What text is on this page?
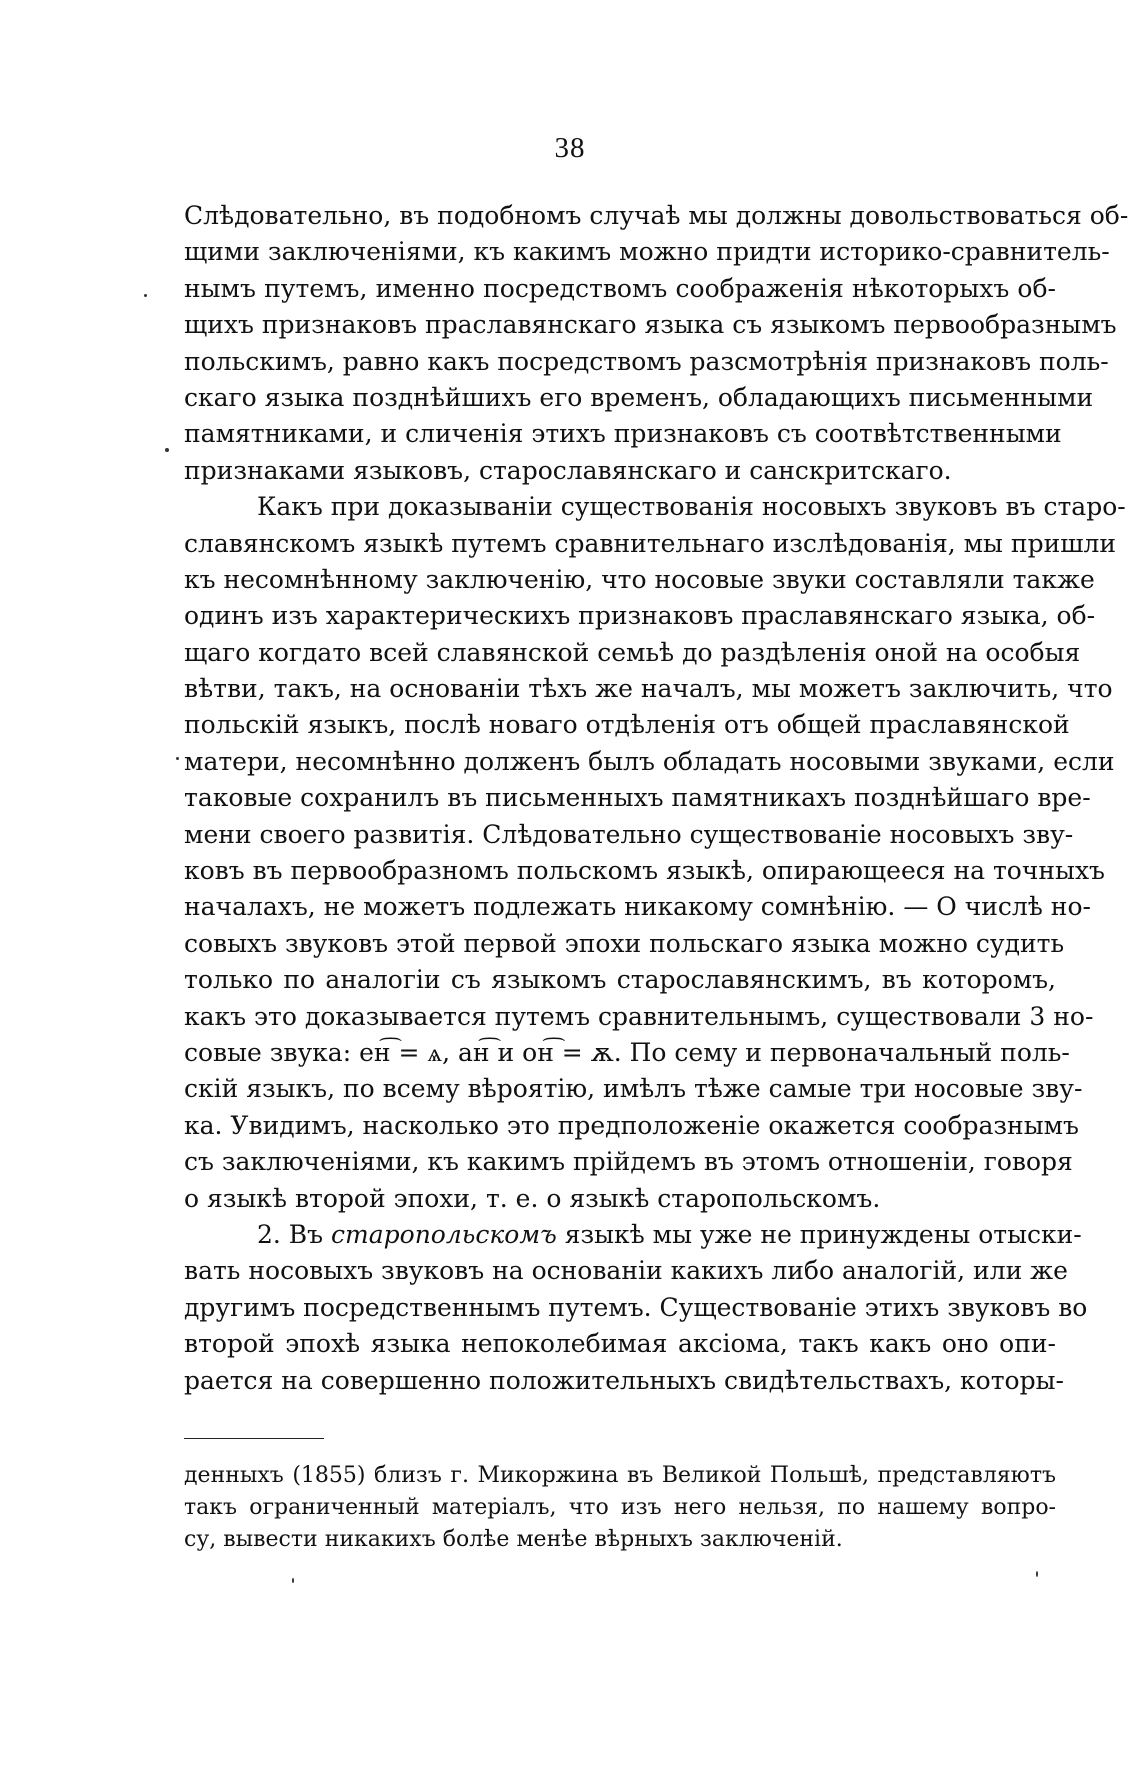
38
Слѣдовательно, въ подобномъ случаѣ мы должны довольствоваться об-
щими заключеніями, къ какимъ можно придти историко-сравнитель-
нымъ путемъ, именно посредствомъ соображенія нѣкоторыхъ об-
щихъ признаковъ праславянскаго языка съ языкомъ первообразнымъ
польскимъ, равно какъ посредствомъ разсмотрѣнія признаковъ поль-
скаго языка позднѣйшихъ его временъ, обладающихъ письменными
памятниками, и сличенія этихъ признаковъ съ соотвѣтственными
признаками языковъ, старославянскаго и санскритскаго.
Какъ при доказываніи существованія носовыхъ звуковъ въ старо-
славянскомъ языкѣ путемъ сравнительнаго изслѣдованія, мы пришли
къ несомнѣнному заключенію, что носовые звуки составляли также
одинъ изъ характерическихъ признаковъ праславянскаго языка, об-
щаго когдато всей славянской семьѣ до раздѣленія оной на особыя
вѣтви, такъ, на основаніи тѣхъ же началъ, мы можетъ заключить, что
польскій языкъ, послѣ новаго отдѣленія отъ общей праславянской
матери, несомнѣнно долженъ былъ обладать носовыми звуками, если
таковые сохранилъ въ письменныхъ памятникахъ позднѣйшаго вре-
мени своего развитія. Слѣдовательно существованіе носовыхъ зву-
ковъ въ первообразномъ польскомъ языкѣ, опирающееся на точныхъ
началахъ, не можетъ подлежать никакому сомнѣнію. — О числѣ но-
совыхъ звуковъ этой первой эпохи польскаго языка можно судить
только по аналогіи съ языкомъ старославянскимъ, въ которомъ,
какъ это доказывается путемъ сравнительнымъ, существовали 3 но-
совые звука: ен͡ = ѧ, ан͡ и он͡ = ѫ. По сему и первоначальный поль-
скій языкъ, по всему вѣроятію, имѣлъ тѣже самые три носовые зву-
ка. Увидимъ, насколько это предположеніе окажется сообразнымъ
съ заключеніями, къ какимъ прійдемъ въ этомъ отношеніи, говоря
о языкѣ второй эпохи, т. е. о языкѣ старопольскомъ.
2. Въ старопольскомъ языкѣ мы уже не принуждены отыски-
вать носовыхъ звуковъ на основаніи какихъ либо аналогій, или же
другимъ посредственнымъ путемъ. Существованіе этихъ звуковъ во
второй эпохѣ языка непоколебимая аксіома, такъ какъ оно опи-
рается на совершенно положительныхъ свидѣтельствахъ, которы-
денныхъ (1855) близъ г. Микоржина въ Великой Польшѣ, представляютъ
такъ ограниченный матеріалъ, что изъ него нельзя, по нашему вопро-
су, вывести никакихъ болѣе менѣе вѣрныхъ заключеній.
